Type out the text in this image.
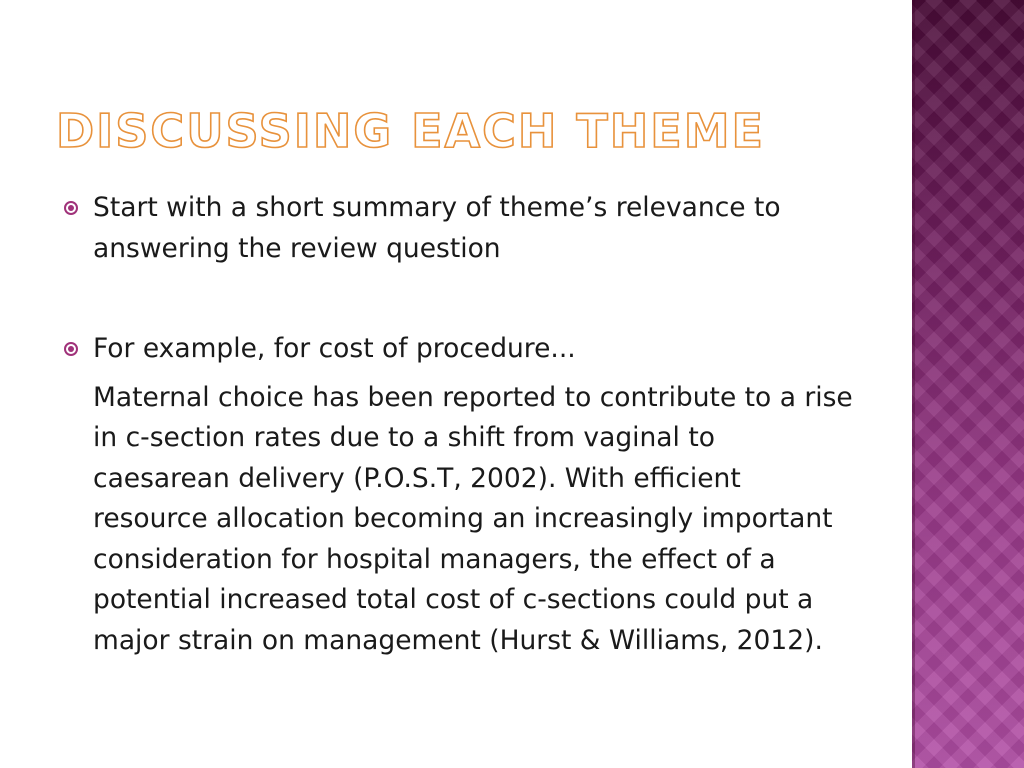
DISCUSSING EACH THEME

Start with a short summary of theme’s relevance to answering the review question

For example, for cost of procedure...

Maternal choice has been reported to contribute to a rise in c-section rates due to a shift from vaginal to caesarean delivery (P.O.S.T, 2002). With efficient resource allocation becoming an increasingly important consideration for hospital managers, the effect of a potential increased total cost of c-sections could put a major strain on management (Hurst & Williams, 2012).
